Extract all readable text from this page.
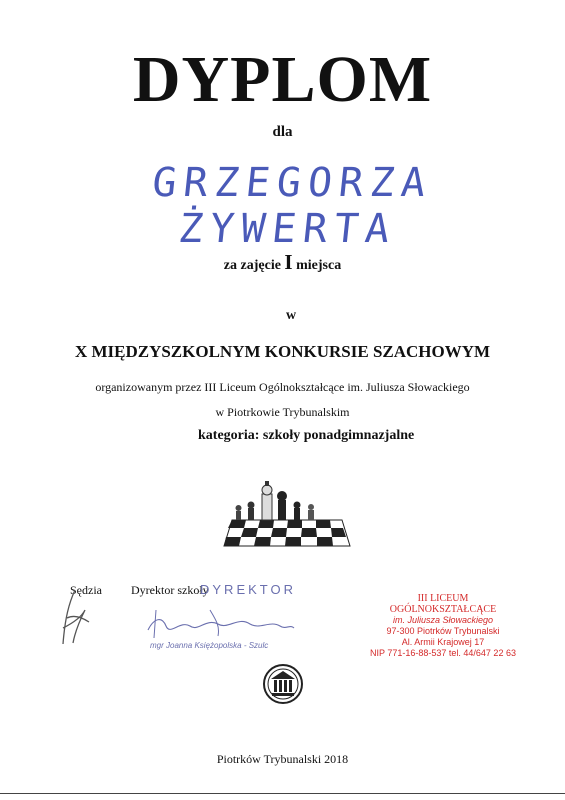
DYPLOM
dla
GRZEGORZA ŻYWERTA
za zajęcie I miejsca
w
X MIĘDZYSZKOLNYM KONKURSIE SZACHOWYM
organizowanym przez III Liceum Ogólnokształcące im. Juliusza Słowackiego
w Piotrkowie Trybunalskim
kategoria: szkoły ponadgimnazjalne
Sędzia Dyrektor szkoły
DYREKTOR
mgr Joanna Księżopolska - Szulc
III LICEUM OGÓLNOKSZTAŁCĄCE
im. Juliusza Słowackiego
97-300 Piotrków Trybunalski
Al. Armii Krajowej 17
NIP 771-16-88-537 tel. 44/647 22 63
Piotrków Trybunalski 2018
